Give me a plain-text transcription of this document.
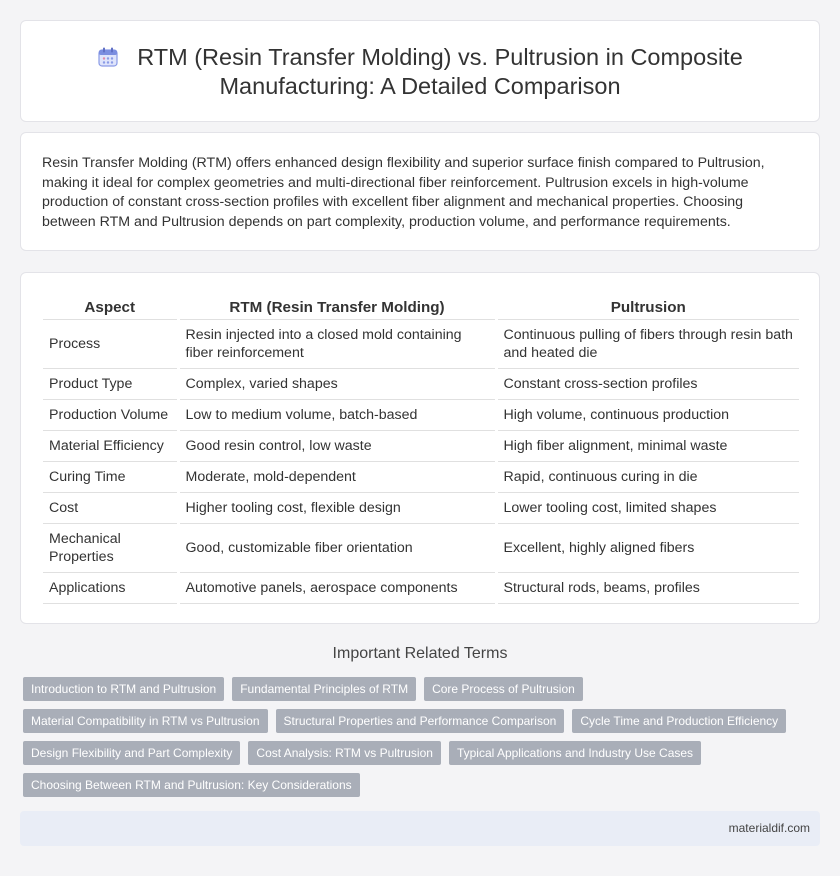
RTM (Resin Transfer Molding) vs. Pultrusion in Composite
Manufacturing: A Detailed Comparison

Resin Transfer Molding (RTM) offers enhanced design flexibility and superior surface finish compared to Pultrusion, making it ideal for complex geometries and multi-directional fiber reinforcement. Pultrusion excels in high-volume production of constant cross-section profiles with excellent fiber alignment and mechanical properties. Choosing between RTM and Pultrusion depends on part complexity, production volume, and performance requirements.

Aspect	RTM (Resin Transfer Molding)	Pultrusion
Process	Resin injected into a closed mold containing fiber reinforcement	Continuous pulling of fibers through resin bath and heated die
Product Type	Complex, varied shapes	Constant cross-section profiles
Production Volume	Low to medium volume, batch-based	High volume, continuous production
Material Efficiency	Good resin control, low waste	High fiber alignment, minimal waste
Curing Time	Moderate, mold-dependent	Rapid, continuous curing in die
Cost	Higher tooling cost, flexible design	Lower tooling cost, limited shapes
Mechanical Properties	Good, customizable fiber orientation	Excellent, highly aligned fibers
Applications	Automotive panels, aerospace components	Structural rods, beams, profiles
Important Related Terms
Introduction to RTM and Pultrusion	Fundamental Principles of RTM	Core Process of Pultrusion
Material Compatibility in RTM vs Pultrusion	Structural Properties and Performance Comparison	Cycle Time and Production Efficiency
Design Flexibility and Part Complexity	Cost Analysis: RTM vs Pultrusion	Typical Applications and Industry Use Cases
Choosing Between RTM and Pultrusion: Key Considerations
materialdif.com
